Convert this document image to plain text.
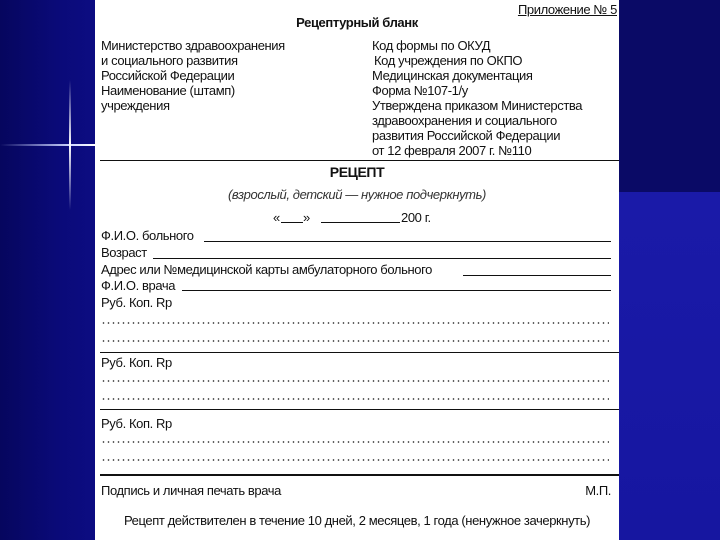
Приложение № 5
Рецептурный бланк
Министерство здравоохранения
и социального развития
Российской Федерации
Наименование (штамп)
учреждения
Код формы по ОКУД
Код учреждения по ОКПО
Медицинская документация
Форма №107-1/у
Утверждена приказом Министерства
здравоохранения и социального
развития Российской Федерации
от 12 февраля 2007 г. №110
РЕЦЕПТ
(взрослый, детский — нужное подчеркнуть)
« »	200 г.
Ф.И.О. больного
Возраст
Адрес или №медицинской карты амбулаторного больного
Ф.И.О. врача
Руб. Коп. Rp
Руб. Коп. Rp
Руб. Коп. Rp
Подпись и личная печать врача	М.П.
Рецепт действителен в течение 10 дней, 2 месяцев, 1 года (ненужное зачеркнуть)
